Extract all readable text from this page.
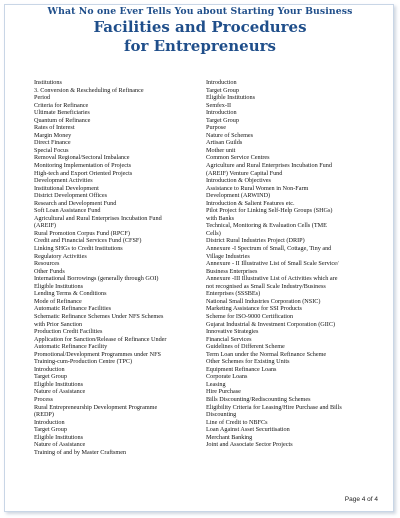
What No one Ever Tells You about Starting Your Business
Facilities and Procedures
for Entrepreneurs
Institutions
3. Conversion & Rescheduling of Refinance
Period
Criteria for Refinance
Ultimate Beneficiaries
Quantum of Refinance
Rates of Interest
Margin Money
Direct Finance
Special Focus
Removal Regional/Sectoral Imbalance
Monitoring Implementation of Projects
High-tech and Export Oriented Projects
Development Activities
Institutional Development
District Development Offices
Research and Development Fund
Soft Loan Assistance Fund
Agricultural and Rural Enterprises Incubation Fund
(AREIF)
Rural Promotion Corpus Fund (RPCF)
Credit and Financial Services Fund (CFSF)
Linking SHGs to Credit Institutions
Regulatory Activities
Resources
Other Funds
International Borrowings (generally through GOI)
Eligible Institutions
Lending Terms & Conditions
Mode of Refinance
Automatic Refinance Facilities
Schematic Refinance Schemes Under NFS Schemes
with Prior Sanction
Production Credit Facilities
Application for Sanction/Release of Refinance Under
Automatic Refinance Facility
Promotional/Development Programmes under NFS
Training-cum-Production Centre (TPC)
Introduction
Target Group
Eligible Institutions
Nature of Assistance
Process
Rural Entrepreneurship Development Programme
(REDP)
Introduction
Target Group
Eligible Institutions
Nature of Assistance
Training of and by Master Craftsmen
Introduction
Target Group
Eligible Institutions
Semfex-II
Introduction
Target Group
Purpose
Nature of Schemes
Artisan Guilds
Mother unit
Common Service Centres
Agriculture and Rural Enterprises Incubation Fund
(AREIF) Venture Capital Fund
Introduction & Objectives
Assistance to Rural Women in Non-Farm
Development (ARWIND)
Introduction & Salient Features etc.
Pilot Project for Linking Self-Help Groups (SHGs)
with Banks
Technical, Monitoring & Evaluation Cells (TME
Cells)
District Rural Industries Project (DRIP)
Annexure -I Spectrum of Small, Cottage, Tiny and
Village Industries
Annexure - II Illustrative List of Small Scale Service/
Business Enterprises
Annexure -III Illustrative List of Activities which are
not recognised as Small Scale Industry/Business
Enterprises (SSSBEs)
National Small Industries Corporation (NSIC)
Marketing Assistance for SSI Products
Scheme for ISO-9000 Certification
Gujarat Industrial & Investment Corporation (GIIC)
Innovative Strategies
Financial Services
Guidelines of Different Scheme
Term Loan under the Normal Refinance Scheme
Other Schemes for Existing Units
Equipment Refinance Loans
Corporate Loans
Leasing
Hire Purchase
Bills Discounting/Rediscounting Schemes
Eligibility Criteria for Leasing/Hire Purchase and Bills
Discounting
Line of Credit to NBFCs
Loan Against Asset Securitisation
Merchant Banking
Joint and Associate Sector Projects
Page 4 of 4
